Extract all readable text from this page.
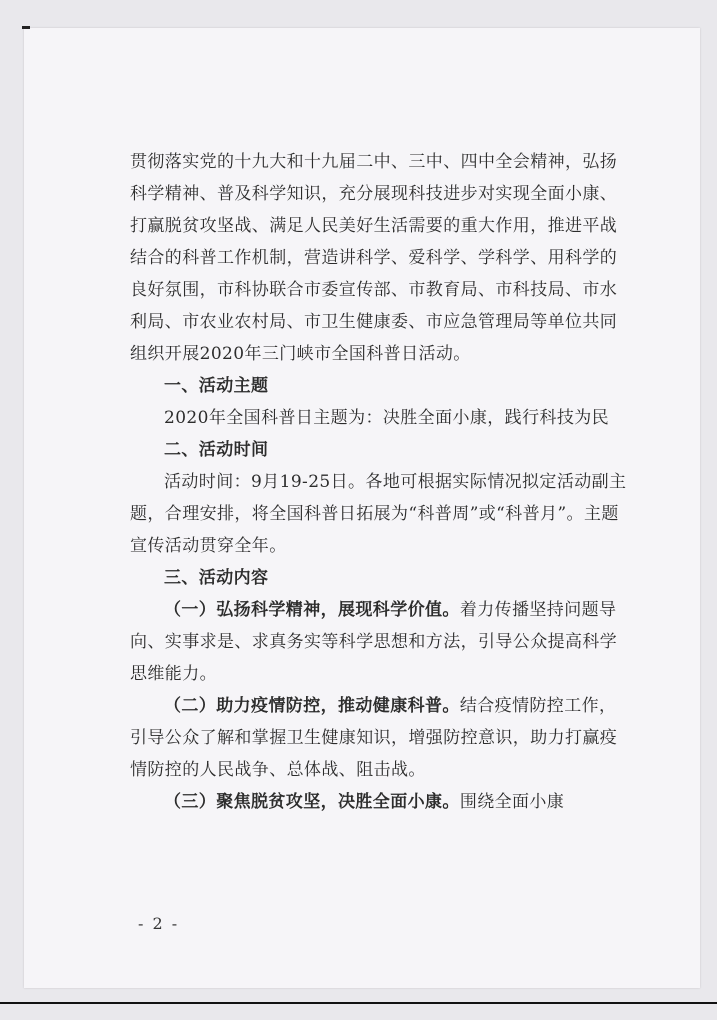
贯彻落实党的十九大和十九届二中、三中、四中全会精神，弘扬科学精神、普及科学知识，充分展现科技进步对实现全面小康、打赢脱贫攻坚战、满足人民美好生活需要的重大作用，推进平战结合的科普工作机制，营造讲科学、爱科学、学科学、用科学的良好氛围，市科协联合市委宣传部、市教育局、市科技局、市水利局、市农业农村局、市卫生健康委、市应急管理局等单位共同组织开展2020年三门峡市全国科普日活动。

一、活动主题

2020年全国科普日主题为：决胜全面小康，践行科技为民

二、活动时间

活动时间：9月19-25日。各地可根据实际情况拟定活动副主题，合理安排，将全国科普日拓展为“科普周”或“科普月”。主题宣传活动贯穿全年。

三、活动内容

（一）弘扬科学精神，展现科学价值。着力传播坚持问题导向、实事求是、求真务实等科学思想和方法，引导公众提高科学思维能力。

（二）助力疫情防控，推动健康科普。结合疫情防控工作，引导公众了解和掌握卫生健康知识，增强防控意识，助力打赢疫情防控的人民战争、总体战、阻击战。

（三）聚焦脱贫攻坚，决胜全面小康。围绕全面小康

- 2 -
